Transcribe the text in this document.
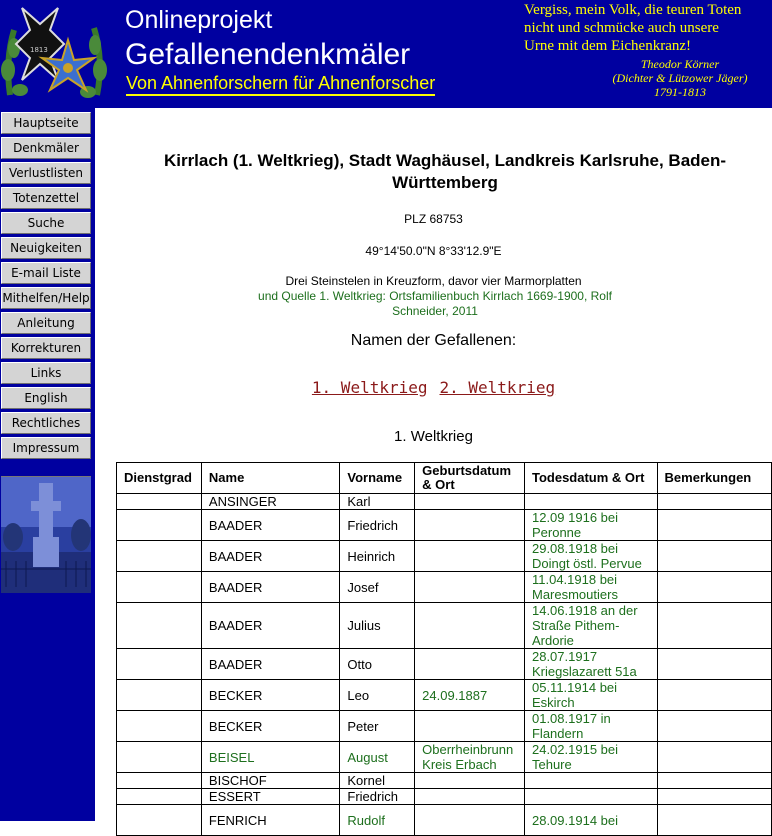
1813
Onlineprojekt
Gefallenendenkmäler
Von Ahnenforschern für Ahnenforscher
Vergiss, mein Volk, die teuren Toten
nicht und schmücke auch unsere
Urne mit dem Eichenkranz!
Theodor Körner
(Dichter & Lützower Jäger)
1791-1813
Hauptseite
Denkmäler
Verlustlisten
Totenzettel
Suche
Neuigkeiten
E-mail Liste
Mithelfen/Help
Anleitung
Korrekturen
Links
English
Rechtliches
Impressum
Kirrlach (1. Weltkrieg), Stadt Waghäusel, Landkreis Karlsruhe, Baden-Württemberg
PLZ 68753
49°14'50.0"N 8°33'12.9"E
Drei Steinstelen in Kreuzform, davor vier Marmorplatten
und Quelle 1. Weltkrieg: Ortsfamilienbuch Kirrlach 1669-1900, Rolf Schneider, 2011
Namen der Gefallenen:
1. Weltkrieg 2. Weltkrieg
1. Weltkrieg
Dienstgrad	Name	Vorname	Geburtsdatum & Ort	Todesdatum & Ort	Bemerkungen
	ANSINGER	Karl			
	BAADER	Friedrich		12.09 1916 bei Peronne	
	BAADER	Heinrich		29.08.1918 bei Doingt östl. Pervue	
	BAADER	Josef		11.04.1918 bei Maresmoutiers	
	BAADER	Julius		14.06.1918 an der Straße Pithem-Ardorie	
	BAADER	Otto		28.07.1917 Kriegslazarett 51a	
	BECKER	Leo	24.09.1887	05.11.1914 bei Eskirch	
	BECKER	Peter		01.08.1917 in Flandern	
	BEISEL	August	Oberrheinbrunn Kreis Erbach	24.02.1915 bei Tehure	
	BISCHOF	Kornel			
	ESSERT	Friedrich			
	FENRICH	Rudolf		28.09.1914 bei	
